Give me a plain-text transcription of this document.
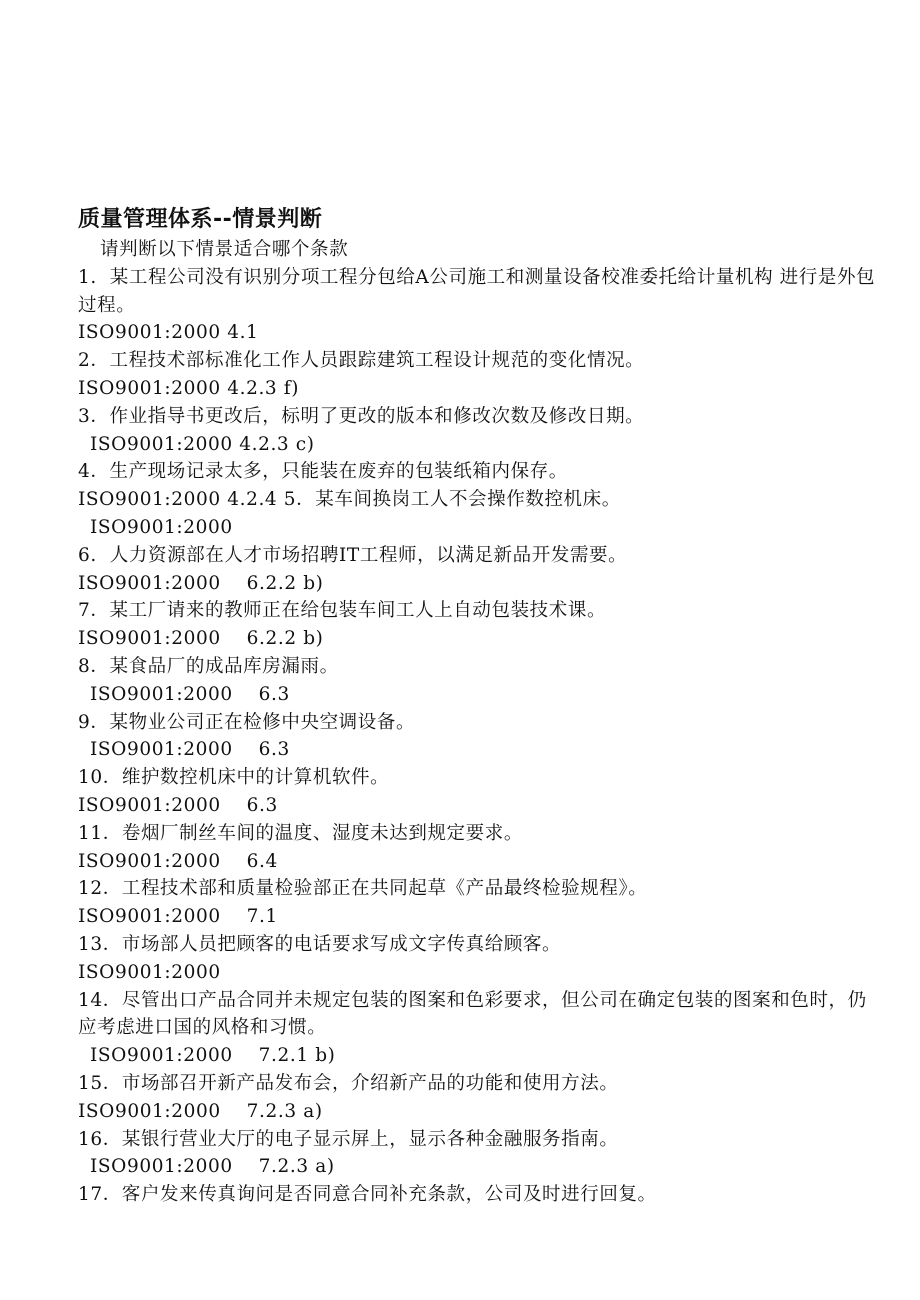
质量管理体系--情景判断

请判断以下情景适合哪个条款

1.  某工程公司没有识别分项工程分包给A公司施工和测量设备校准委托给计量机构 进行是外包过程。

ISO9001:2000 4.1

2．工程技术部标准化工作人员跟踪建筑工程设计规范的变化情况。

ISO9001:2000 4.2.3 f)

3．作业指导书更改后，标明了更改的版本和修改次数及修改日期。

ISO9001:2000 4.2.3 c)

4．生产现场记录太多，只能装在废弃的包装纸箱内保存。

ISO9001:2000 4.2.4 5．某车间换岗工人不会操作数控机床。

ISO9001:2000

6.  人力资源部在人才市场招聘IT工程师，以满足新品开发需要。

ISO9001:2000    6.2.2 b)

7．某工厂请来的教师正在给包装车间工人上自动包装技术课。

ISO9001:2000    6.2.2 b)

8．某食品厂的成品库房漏雨。

ISO9001:2000    6.3

9．某物业公司正在检修中央空调设备。

ISO9001:2000    6.3

10．维护数控机床中的计算机软件。

ISO9001:2000    6.3

11．卷烟厂制丝车间的温度、湿度未达到规定要求。

ISO9001:2000    6.4

12．工程技术部和质量检验部正在共同起草《产品最终检验规程》。

ISO9001:2000    7.1

13．市场部人员把顾客的电话要求写成文字传真给顾客。

ISO9001:2000

14．尽管出口产品合同并未规定包装的图案和色彩要求，但公司在确定包装的图案和色时，仍应考虑进口国的风格和习惯。

ISO9001:2000    7.2.1 b)

15．市场部召开新产品发布会，介绍新产品的功能和使用方法。

ISO9001:2000    7.2.3 a)

16．某银行营业大厅的电子显示屏上，显示各种金融服务指南。

ISO9001:2000    7.2.3 a)

17．客户发来传真询问是否同意合同补充条款，公司及时进行回复。
